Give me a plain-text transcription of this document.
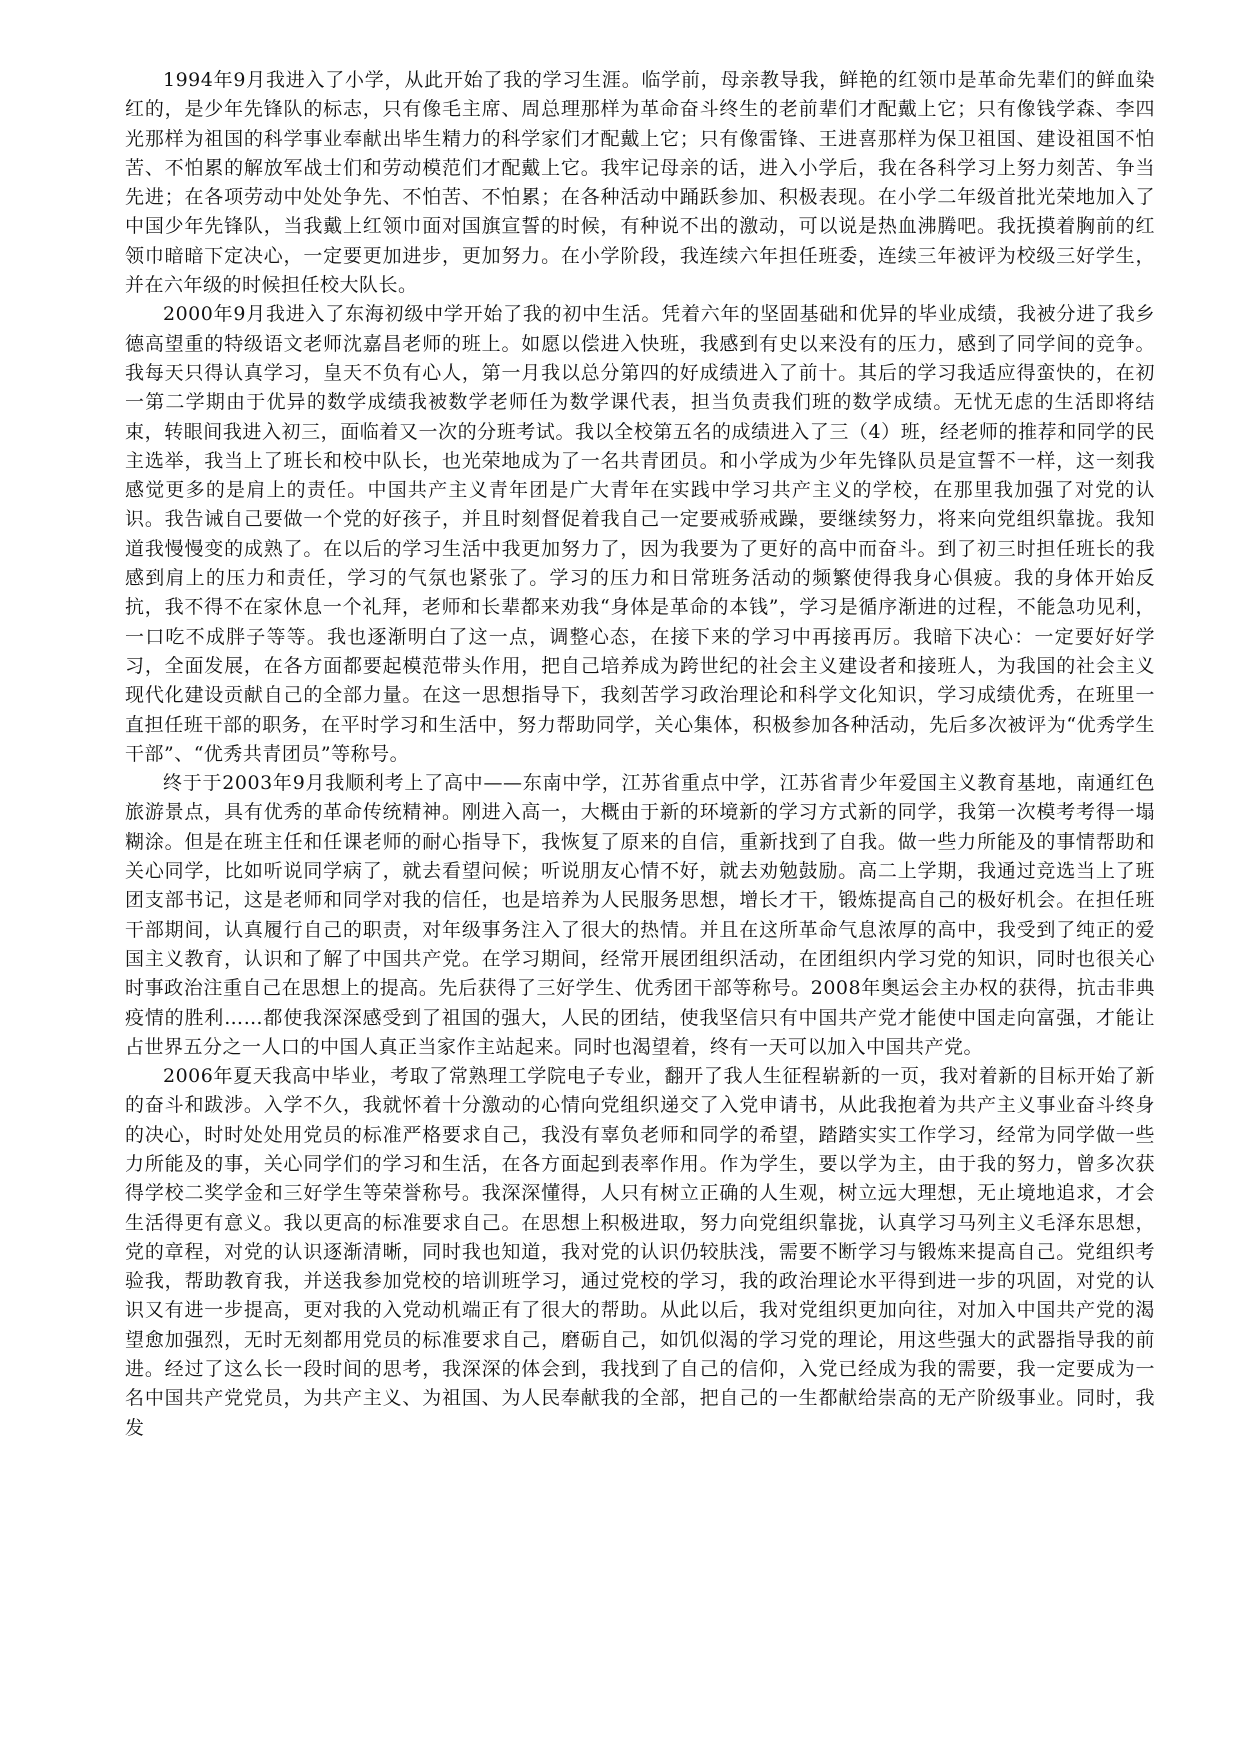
1994年9月我进入了小学，从此开始了我的学习生涯。临学前，母亲教导我，鲜艳的红领巾是革命先辈们的鲜血染红的，是少年先锋队的标志，只有像毛主席、周总理那样为革命奋斗终生的老前辈们才配戴上它；只有像钱学森、李四光那样为祖国的科学事业奉献出毕生精力的科学家们才配戴上它；只有像雷锋、王进喜那样为保卫祖国、建设祖国不怕苦、不怕累的解放军战士们和劳动模范们才配戴上它。我牢记母亲的话，进入小学后，我在各科学习上努力刻苦、争当先进；在各项劳动中处处争先、不怕苦、不怕累；在各种活动中踊跃参加、积极表现。在小学二年级首批光荣地加入了中国少年先锋队，当我戴上红领巾面对国旗宣誓的时候，有种说不出的激动，可以说是热血沸腾吧。我抚摸着胸前的红领巾暗暗下定决心，一定要更加进步，更加努力。在小学阶段，我连续六年担任班委，连续三年被评为校级三好学生，并在六年级的时候担任校大队长。

2000年9月我进入了东海初级中学开始了我的初中生活。凭着六年的坚固基础和优异的毕业成绩，我被分进了我乡德高望重的特级语文老师沈嘉昌老师的班上。如愿以偿进入快班，我感到有史以来没有的压力，感到了同学间的竞争。我每天只得认真学习，皇天不负有心人，第一月我以总分第四的好成绩进入了前十。其后的学习我适应得蛮快的，在初一第二学期由于优异的数学成绩我被数学老师任为数学课代表，担当负责我们班的数学成绩。无忧无虑的生活即将结束，转眼间我进入初三，面临着又一次的分班考试。我以全校第五名的成绩进入了三（4）班，经老师的推荐和同学的民主选举，我当上了班长和校中队长，也光荣地成为了一名共青团员。和小学成为少年先锋队员是宣誓不一样，这一刻我感觉更多的是肩上的责任。中国共产主义青年团是广大青年在实践中学习共产主义的学校，在那里我加强了对党的认识。我告诫自己要做一个党的好孩子，并且时刻督促着我自己一定要戒骄戒躁，要继续努力，将来向党组织靠拢。我知道我慢慢变的成熟了。在以后的学习生活中我更加努力了，因为我要为了更好的高中而奋斗。到了初三时担任班长的我感到肩上的压力和责任，学习的气氛也紧张了。学习的压力和日常班务活动的频繁使得我身心俱疲。我的身体开始反抗，我不得不在家休息一个礼拜，老师和长辈都来劝我“身体是革命的本钱”，学习是循序渐进的过程，不能急功见利，一口吃不成胖子等等。我也逐渐明白了这一点，调整心态，在接下来的学习中再接再厉。我暗下决心：一定要好好学习，全面发展，在各方面都要起模范带头作用，把自己培养成为跨世纪的社会主义建设者和接班人，为我国的社会主义现代化建设贡献自己的全部力量。在这一思想指导下，我刻苦学习政治理论和科学文化知识，学习成绩优秀，在班里一直担任班干部的职务，在平时学习和生活中，努力帮助同学，关心集体，积极参加各种活动，先后多次被评为“优秀学生干部”、“优秀共青团员”等称号。

终于于2003年9月我顺利考上了高中——东南中学，江苏省重点中学，江苏省青少年爱国主义教育基地，南通红色旅游景点，具有优秀的革命传统精神。刚进入高一，大概由于新的环境新的学习方式新的同学，我第一次模考考得一塌糊涂。但是在班主任和任课老师的耐心指导下，我恢复了原来的自信，重新找到了自我。做一些力所能及的事情帮助和关心同学，比如听说同学病了，就去看望问候；听说朋友心情不好，就去劝勉鼓励。高二上学期，我通过竞选当上了班团支部书记，这是老师和同学对我的信任，也是培养为人民服务思想，增长才干，锻炼提高自己的极好机会。在担任班干部期间，认真履行自己的职责，对年级事务注入了很大的热情。并且在这所革命气息浓厚的高中，我受到了纯正的爱国主义教育，认识和了解了中国共产党。在学习期间，经常开展团组织活动，在团组织内学习党的知识，同时也很关心时事政治注重自己在思想上的提高。先后获得了三好学生、优秀团干部等称号。2008年奥运会主办权的获得，抗击非典疫情的胜利……都使我深深感受到了祖国的强大，人民的团结，使我坚信只有中国共产党才能使中国走向富强，才能让占世界五分之一人口的中国人真正当家作主站起来。同时也渴望着，终有一天可以加入中国共产党。

2006年夏天我高中毕业，考取了常熟理工学院电子专业，翻开了我人生征程崭新的一页，我对着新的目标开始了新的奋斗和跋涉。入学不久，我就怀着十分激动的心情向党组织递交了入党申请书，从此我抱着为共产主义事业奋斗终身的决心，时时处处用党员的标准严格要求自己，我没有辜负老师和同学的希望，踏踏实实工作学习，经常为同学做一些力所能及的事，关心同学们的学习和生活，在各方面起到表率作用。作为学生，要以学为主，由于我的努力，曾多次获得学校二奖学金和三好学生等荣誉称号。我深深懂得，人只有树立正确的人生观，树立远大理想，无止境地追求，才会生活得更有意义。我以更高的标准要求自己。在思想上积极进取，努力向党组织靠拢，认真学习马列主义毛泽东思想，党的章程，对党的认识逐渐清晰，同时我也知道，我对党的认识仍较肤浅，需要不断学习与锻炼来提高自己。党组织考验我，帮助教育我，并送我参加党校的培训班学习，通过党校的学习，我的政治理论水平得到进一步的巩固，对党的认识又有进一步提高，更对我的入党动机端正有了很大的帮助。从此以后，我对党组织更加向往，对加入中国共产党的渴望愈加强烈，无时无刻都用党员的标准要求自己，磨砺自己，如饥似渴的学习党的理论，用这些强大的武器指导我的前进。经过了这么长一段时间的思考，我深深的体会到，我找到了自己的信仰，入党已经成为我的需要，我一定要成为一名中国共产党党员，为共产主义、为祖国、为人民奉献我的全部，把自己的一生都献给崇高的无产阶级事业。同时，我发
